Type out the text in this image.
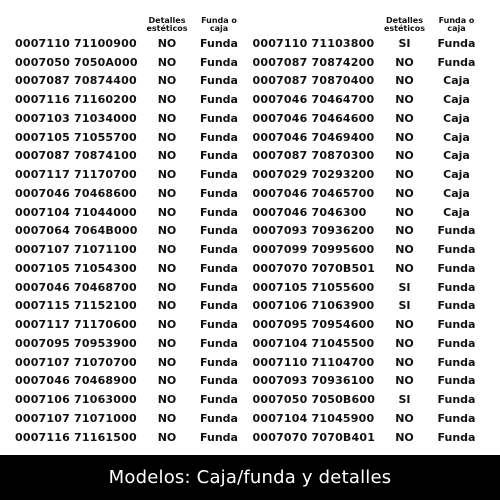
Detalles estéticos
Funda o caja
0007110 71100900	NO	Funda
0007050 7050A000	NO	Funda
0007087 70874400	NO	Funda
0007116 71160200	NO	Funda
0007103 71034000	NO	Funda
0007105 71055700	NO	Funda
0007087 70874100	NO	Funda
0007117 71170700	NO	Funda
0007046 70468600	NO	Funda
0007104 71044000	NO	Funda
0007064 7064B000	NO	Funda
0007107 71071100	NO	Funda
0007105 71054300	NO	Funda
0007046 70468700	NO	Funda
0007115 71152100	NO	Funda
0007117 71170600	NO	Funda
0007095 70953900	NO	Funda
0007107 71070700	NO	Funda
0007046 70468900	NO	Funda
0007106 71063000	NO	Funda
0007107 71071000	NO	Funda
0007116 71161500	NO	Funda
Detalles estéticos
Funda o caja
0007110 71103800	SI	Funda
0007087 70874200	NO	Funda
0007087 70870400	NO	Caja
0007046 70464700	NO	Caja
0007046 70464600	NO	Caja
0007046 70469400	NO	Caja
0007087 70870300	NO	Caja
0007029 70293200	NO	Caja
0007046 70465700	NO	Caja
0007046 7046300	NO	Caja
0007093 70936200	NO	Funda
0007099 70995600	NO	Funda
0007070 7070B501	NO	Funda
0007105 71055600	SI	Funda
0007106 71063900	SI	Funda
0007095 70954600	NO	Funda
0007104 71045500	NO	Funda
0007110 71104700	NO	Funda
0007093 70936100	NO	Funda
0007050 7050B600	SI	Funda
0007104 71045900	NO	Funda
0007070 7070B401	NO	Funda
Modelos: Caja/funda y detalles
